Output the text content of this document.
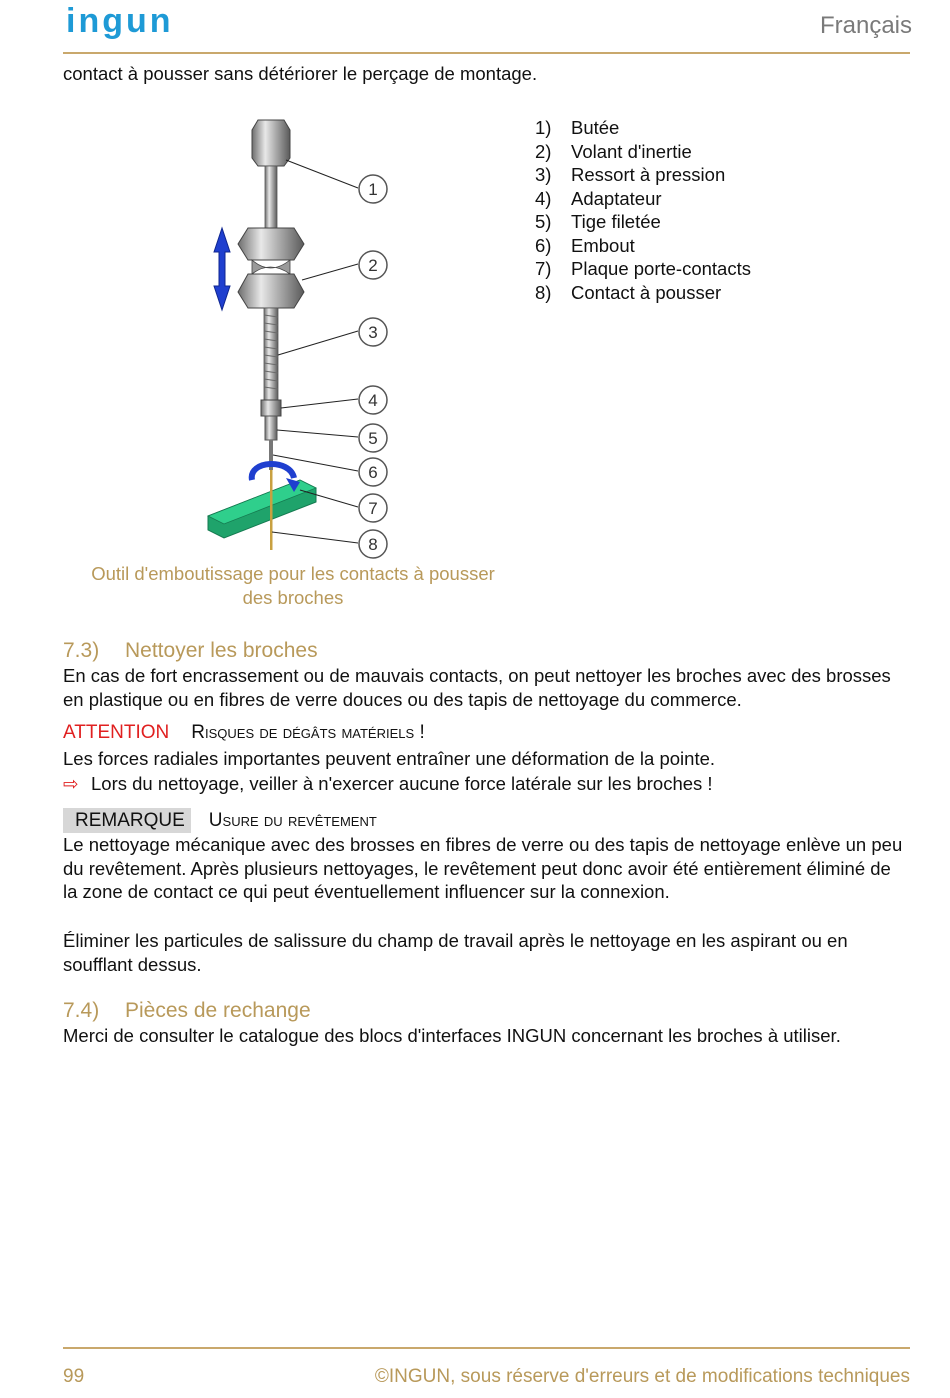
ingun	Français
contact à pousser sans détériorer le perçage de montage.
1
2
3
4
5
6
7
8
1)	Butée
2)	Volant d'inertie
3)	Ressort à pression
4)	Adaptateur
5)	Tige filetée
6)	Embout
7)	Plaque porte-contacts
8)	Contact à pousser
Outil d'emboutissage pour les contacts à pousser
des broches
7.3) Nettoyer les broches
En cas de fort encrassement ou de mauvais contacts, on peut nettoyer les broches avec des brosses en plastique ou en fibres de verre douces ou des tapis de nettoyage du commerce.
ATTENTION Risques de dégâts matériels !
Les forces radiales importantes peuvent entraîner une déformation de la pointe.
⇨ Lors du nettoyage, veiller à n'exercer aucune force latérale sur les broches !
REMARQUE	Usure du revêtement
Le nettoyage mécanique avec des brosses en fibres de verre ou des tapis de nettoyage enlève un peu du revêtement. Après plusieurs nettoyages, le revêtement peut donc avoir été entièrement éliminé de la zone de contact ce qui peut éventuellement influencer sur la connexion.
Éliminer les particules de salissure du champ de travail après le nettoyage en les aspirant ou en soufflant dessus.
7.4) Pièces de rechange
Merci de consulter le catalogue des blocs d'interfaces INGUN concernant les broches à utiliser.
99	©INGUN, sous réserve d'erreurs et de modifications techniques
